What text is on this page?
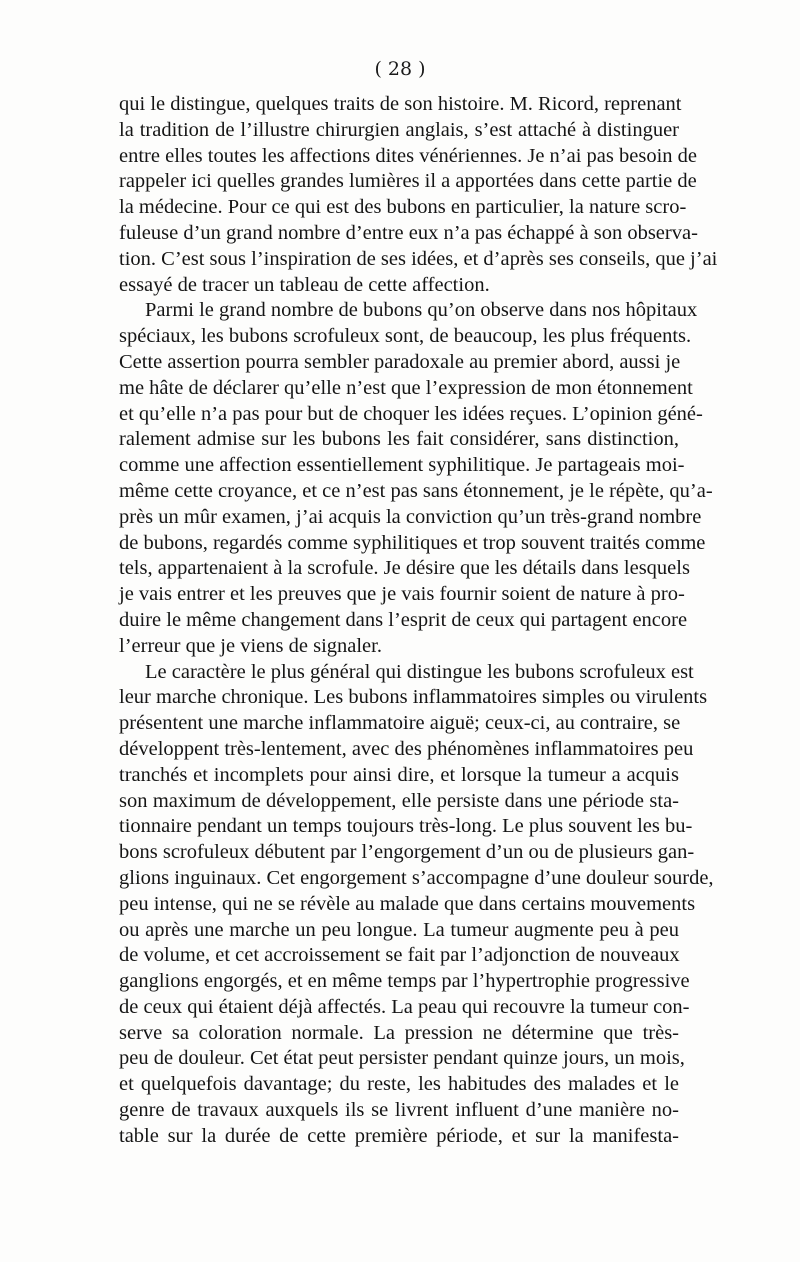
( 28 )
qui le distingue, quelques traits de son histoire. M. Ricord, reprenant
la tradition de l’illustre chirurgien anglais, s’est attaché à distinguer
entre elles toutes les affections dites vénériennes. Je n’ai pas besoin de
rappeler ici quelles grandes lumières il a apportées dans cette partie de
la médecine. Pour ce qui est des bubons en particulier, la nature scro-
fuleuse d’un grand nombre d’entre eux n’a pas échappé à son observa-
tion. C’est sous l’inspiration de ses idées, et d’après ses conseils, que j’ai
essayé de tracer un tableau de cette affection.
Parmi le grand nombre de bubons qu’on observe dans nos hôpitaux
spéciaux, les bubons scrofuleux sont, de beaucoup, les plus fréquents.
Cette assertion pourra sembler paradoxale au premier abord, aussi je
me hâte de déclarer qu’elle n’est que l’expression de mon étonnement
et qu’elle n’a pas pour but de choquer les idées reçues. L’opinion géné-
ralement admise sur les bubons les fait considérer, sans distinction,
comme une affection essentiellement syphilitique. Je partageais moi-
même cette croyance, et ce n’est pas sans étonnement, je le répète, qu’a-
près un mûr examen, j’ai acquis la conviction qu’un très-grand nombre
de bubons, regardés comme syphilitiques et trop souvent traités comme
tels, appartenaient à la scrofule. Je désire que les détails dans lesquels
je vais entrer et les preuves que je vais fournir soient de nature à pro-
duire le même changement dans l’esprit de ceux qui partagent encore
l’erreur que je viens de signaler.
Le caractère le plus général qui distingue les bubons scrofuleux est
leur marche chronique. Les bubons inflammatoires simples ou virulents
présentent une marche inflammatoire aiguë; ceux-ci, au contraire, se
développent très-lentement, avec des phénomènes inflammatoires peu
tranchés et incomplets pour ainsi dire, et lorsque la tumeur a acquis
son maximum de développement, elle persiste dans une période sta-
tionnaire pendant un temps toujours très-long. Le plus souvent les bu-
bons scrofuleux débutent par l’engorgement d’un ou de plusieurs gan-
glions inguinaux. Cet engorgement s’accompagne d’une douleur sourde,
peu intense, qui ne se révèle au malade que dans certains mouvements
ou après une marche un peu longue. La tumeur augmente peu à peu
de volume, et cet accroissement se fait par l’adjonction de nouveaux
ganglions engorgés, et en même temps par l’hypertrophie progressive
de ceux qui étaient déjà affectés. La peau qui recouvre la tumeur con-
serve sa coloration normale. La pression ne détermine que très-
peu de douleur. Cet état peut persister pendant quinze jours, un mois,
et quelquefois davantage; du reste, les habitudes des malades et le
genre de travaux auxquels ils se livrent influent d’une manière no-
table sur la durée de cette première période, et sur la manifesta-
